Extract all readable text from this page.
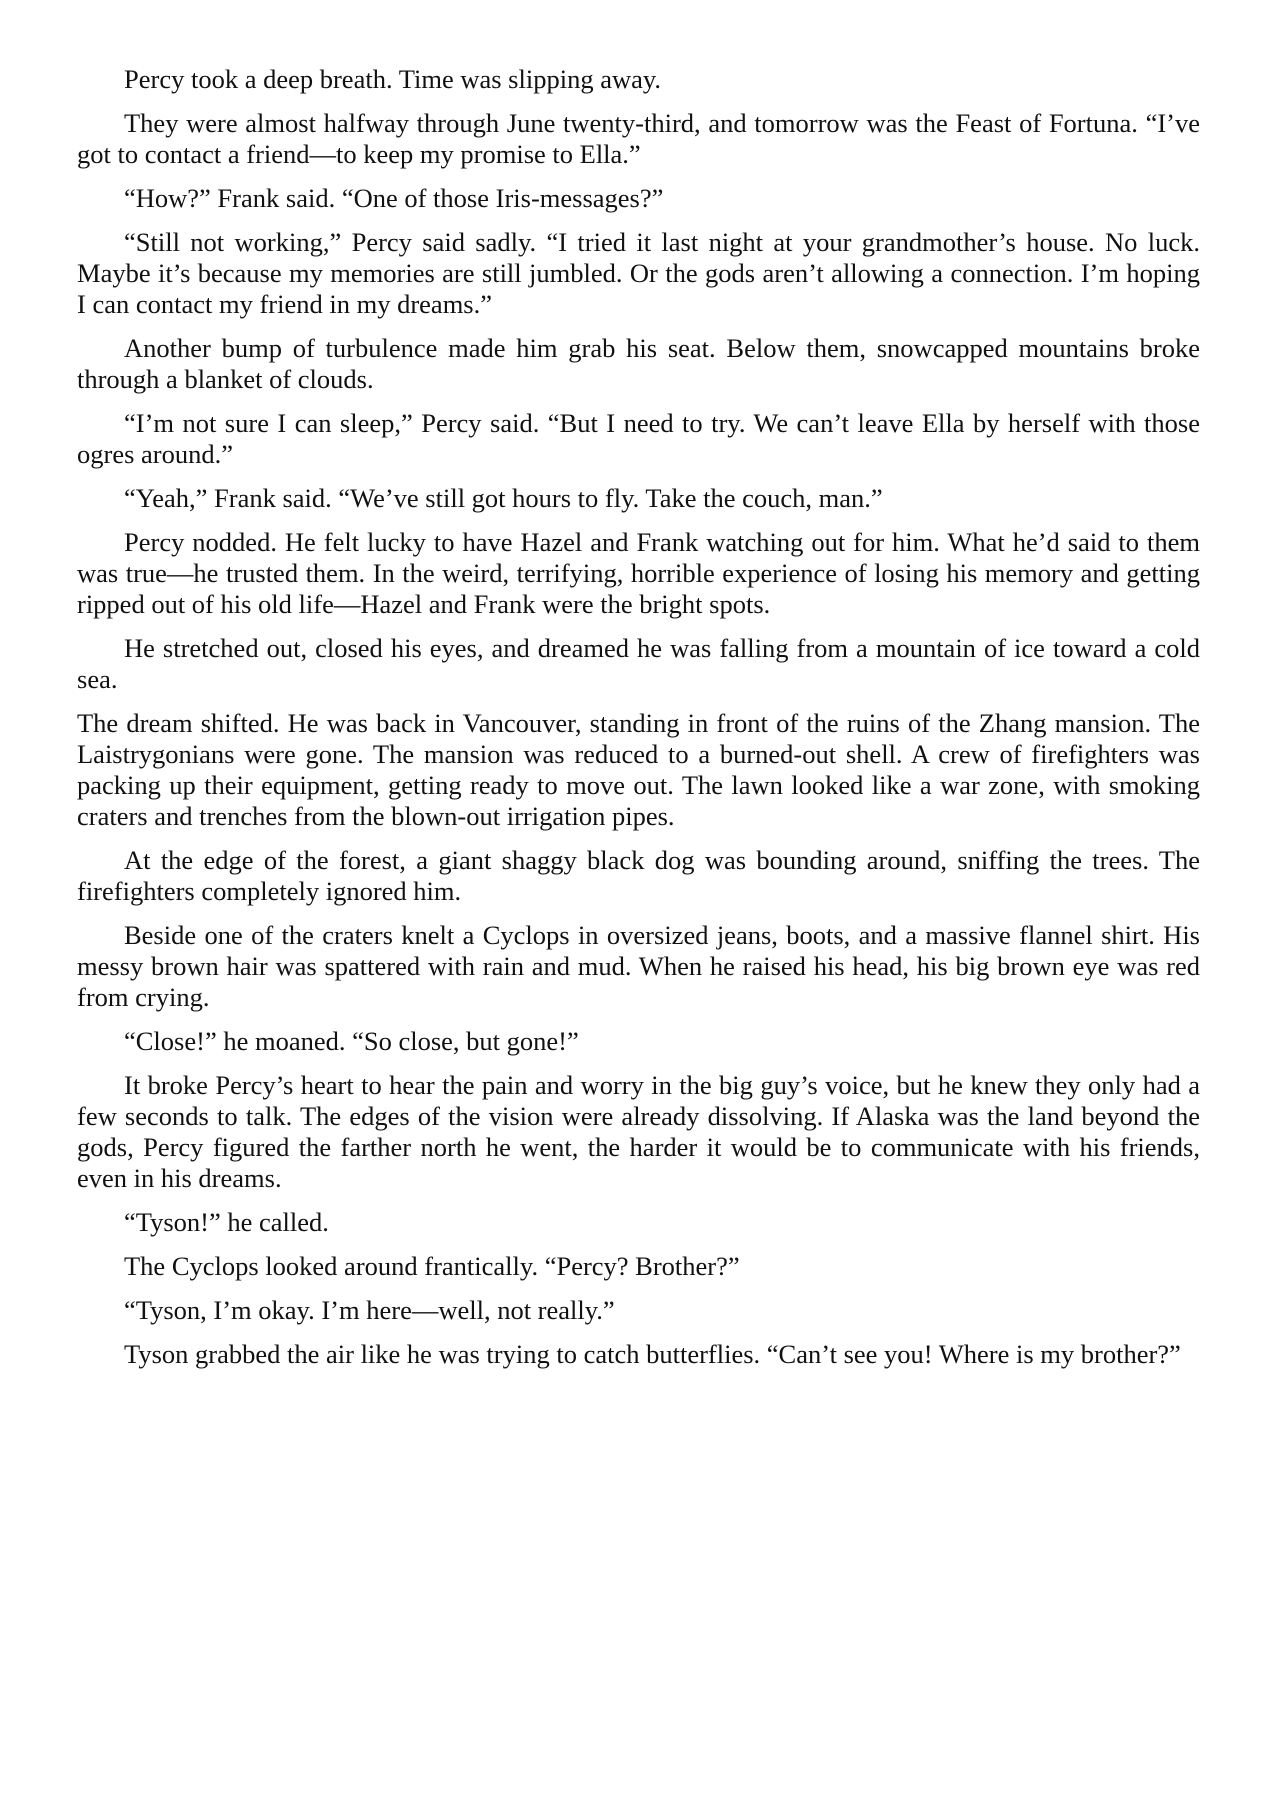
Percy took a deep breath. Time was slipping away.

They were almost halfway through June twenty-third, and tomorrow was the Feast of Fortuna. “I’ve got to contact a friend—to keep my promise to Ella.”

“How?” Frank said. “One of those Iris-messages?”

“Still not working,” Percy said sadly. “I tried it last night at your grandmother’s house. No luck. Maybe it’s because my memories are still jumbled. Or the gods aren’t allowing a connection. I’m hoping I can contact my friend in my dreams.”

Another bump of turbulence made him grab his seat. Below them, snowcapped mountains broke through a blanket of clouds.

“I’m not sure I can sleep,” Percy said. “But I need to try. We can’t leave Ella by herself with those ogres around.”

“Yeah,” Frank said. “We’ve still got hours to fly. Take the couch, man.”

Percy nodded. He felt lucky to have Hazel and Frank watching out for him. What he’d said to them was true—he trusted them. In the weird, terrifying, horrible experience of losing his memory and getting ripped out of his old life—Hazel and Frank were the bright spots.

He stretched out, closed his eyes, and dreamed he was falling from a mountain of ice toward a cold sea.

The dream shifted. He was back in Vancouver, standing in front of the ruins of the Zhang mansion. The Laistrygonians were gone. The mansion was reduced to a burned-out shell. A crew of firefighters was packing up their equipment, getting ready to move out. The lawn looked like a war zone, with smoking craters and trenches from the blown-out irrigation pipes.

At the edge of the forest, a giant shaggy black dog was bounding around, sniffing the trees. The firefighters completely ignored him.

Beside one of the craters knelt a Cyclops in oversized jeans, boots, and a massive flannel shirt. His messy brown hair was spattered with rain and mud. When he raised his head, his big brown eye was red from crying.

“Close!” he moaned. “So close, but gone!”

It broke Percy’s heart to hear the pain and worry in the big guy’s voice, but he knew they only had a few seconds to talk. The edges of the vision were already dissolving. If Alaska was the land beyond the gods, Percy figured the farther north he went, the harder it would be to communicate with his friends, even in his dreams.

“Tyson!” he called.

The Cyclops looked around frantically. “Percy? Brother?”

“Tyson, I’m okay. I’m here—well, not really.”

Tyson grabbed the air like he was trying to catch butterflies. “Can’t see you! Where is my brother?”
